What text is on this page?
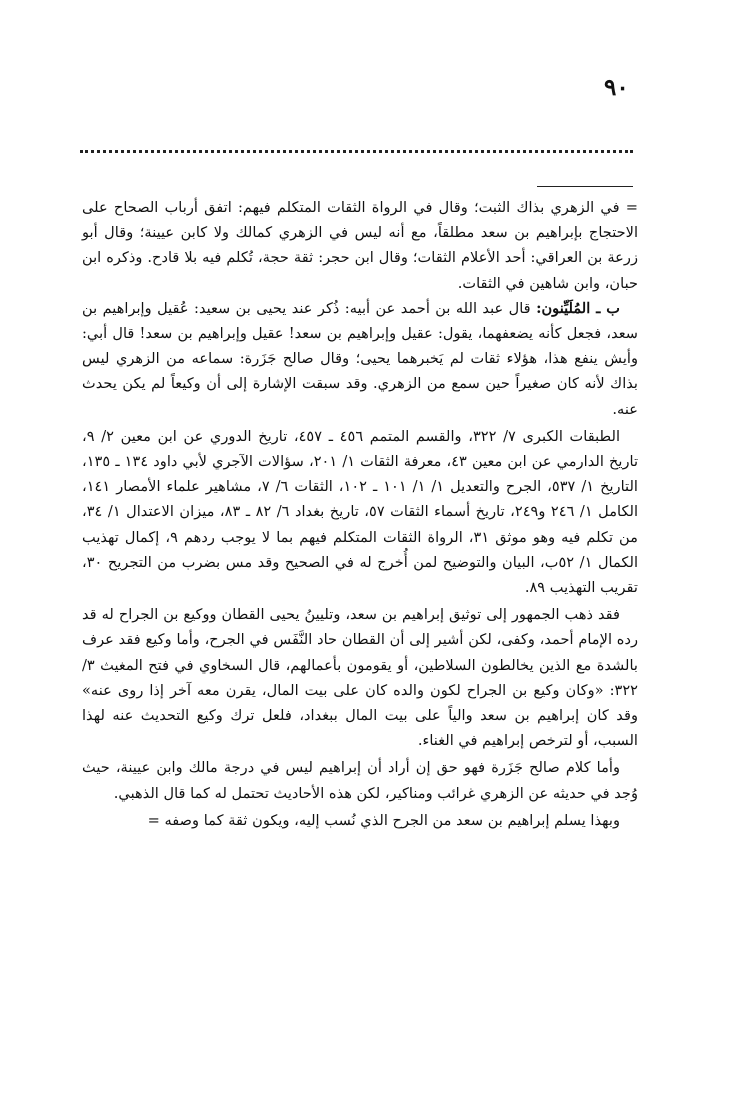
٩٠

= في الزهري بذاك الثبت؛ وقال في الرواة الثقات المتكلم فيهم: اتفق أرباب الصحاح على الاحتجاج بإبراهيم بن سعد مطلقاً، مع أنه ليس في الزهري كمالك ولا كابن عيينة؛ وقال أبو زرعة بن العراقي: أحد الأعلام الثقات؛ وقال ابن حجر: ثقة حجة، تُكلم فيه بلا قادح. وذكره ابن حبان، وابن شاهين في الثقات.

ب ـ المُلَيِّنون: قال عبد الله بن أحمد عن أبيه: ذُكر عند يحيى بن سعيد: عُقيل وإبراهيم بن سعد، فجعل كأنه يضعفهما، يقول: عقيل وإبراهيم بن سعد! عقيل وإبراهيم بن سعد! قال أبي: وأيش ينفع هذا، هؤلاء ثقات لم يَخبرهما يحيى؛ وقال صالح جَزَرة: سماعه من الزهري ليس بذاك لأنه كان صغيراً حين سمع من الزهري. وقد سبقت الإشارة إلى أن وكيعاً لم يكن يحدث عنه.

الطبقات الكبرى ٧/ ٣٢٢، والقسم المتمم ٤٥٦ ـ ٤٥٧، تاريخ الدوري عن ابن معين ٢/ ٩، تاريخ الدارمي عن ابن معين ٤٣، معرفة الثقات ١/ ٢٠١، سؤالات الآجري لأبي داود ١٣٤ ـ ١٣٥، التاريخ ١/ ٥٣٧، الجرح والتعديل ١/ ١/ ١٠١ ـ ١٠٢، الثقات ٦/ ٧، مشاهير علماء الأمصار ١٤١، الكامل ١/ ٢٤٦ و٢٤٩، تاريخ أسماء الثقات ٥٧، تاريخ بغداد ٦/ ٨٢ ـ ٨٣، ميزان الاعتدال ١/ ٣٤، من تكلم فيه وهو موثق ٣١، الرواة الثقات المتكلم فيهم بما لا يوجب ردهم ٩، إكمال تهذيب الكمال ١/ ٥٢ب، البيان والتوضيح لمن أُخرج له في الصحيح وقد مس بضرب من التجريح ٣٠، تقريب التهذيب ٨٩.

فقد ذهب الجمهور إلى توثيق إبراهيم بن سعد، وتليينُ يحيى القطان ووكيع بن الجراح له قد رده الإمام أحمد، وكفى، لكن أشير إلى أن القطان حاد النَّفَس في الجرح، وأما وكيع فقد عرف بالشدة مع الذين يخالطون السلاطين، أو يقومون بأعمالهم، قال السخاوي في فتح المغيث ٣/ ٣٢٢: «وكان وكيع بن الجراح لكون والده كان على بيت المال، يقرن معه آخر إذا روى عنه» وقد كان إبراهيم بن سعد والياً على بيت المال ببغداد، فلعل ترك وكيع التحديث عنه لهذا السبب، أو لترخص إبراهيم في الغناء.

وأما كلام صالح جَزَرة فهو حق إن أراد أن إبراهيم ليس في درجة مالك وابن عيينة، حيث وُجد في حديثه عن الزهري غرائب ومناكير، لكن هذه الأحاديث تحتمل له كما قال الذهبي.

وبهذا يسلم إبراهيم بن سعد من الجرح الذي نُسب إليه، ويكون ثقة كما وصفه =
